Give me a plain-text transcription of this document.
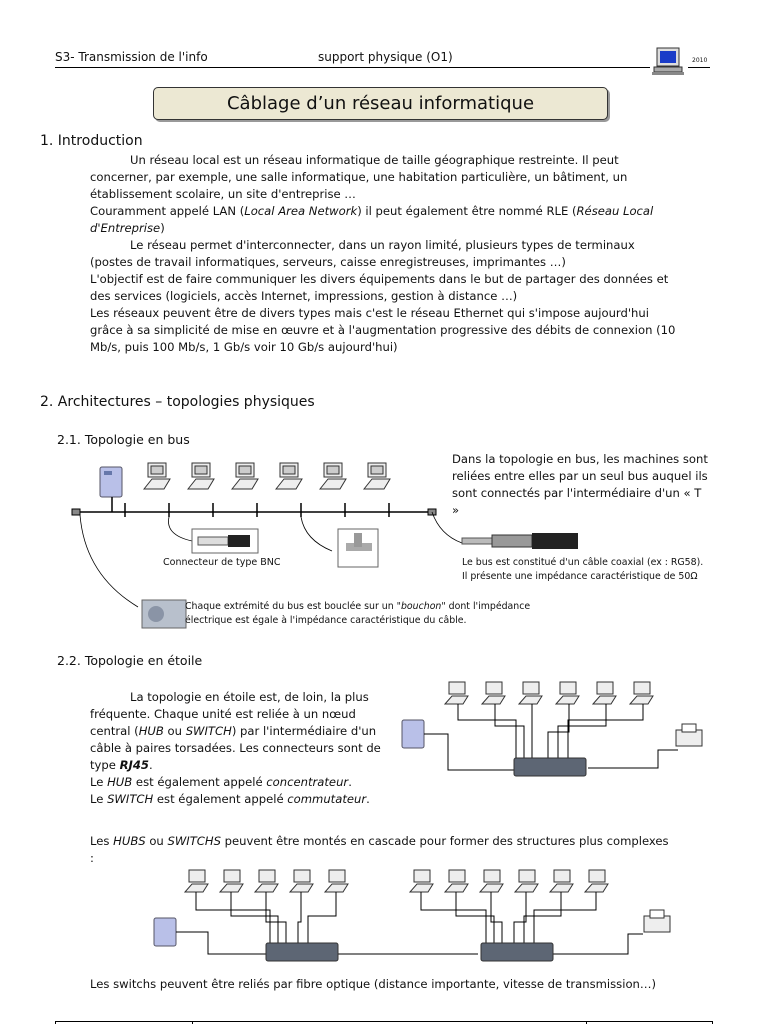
S3- Transmission de l'info	support physique (O1)	2010
Câblage d’un réseau informatique
1. Introduction

Un réseau local est un réseau informatique de taille géographique restreinte. Il peut concerner, par exemple, une salle informatique, une habitation particulière, un bâtiment, un établissement scolaire, un site d'entreprise …

Couramment appelé LAN (Local Area Network) il peut également être nommé RLE (Réseau Local d'Entreprise)

Le réseau permet d'interconnecter, dans un rayon limité, plusieurs types de terminaux (postes de travail informatiques, serveurs, caisse enregistreuses, imprimantes …)

L'objectif est de faire communiquer les divers équipements dans le but de partager des données et des services (logiciels, accès Internet, impressions, gestion à distance …)

Les réseaux peuvent être de divers types mais c'est le réseau Ethernet qui s'impose aujourd'hui grâce à sa simplicité de mise en œuvre et à l'augmentation progressive des débits de connexion (10 Mb/s, puis 100 Mb/s, 1 Gb/s voir 10 Gb/s aujourd'hui)

2. Architectures – topologies physiques
2.1. Topologie en bus
Connecteur de type BNC
Dans la topologie en bus, les machines sont reliées entre elles par un seul bus auquel ils sont connectés par l'intermédiaire d'un « T »
Le bus est constitué d'un câble coaxial (ex : RG58).
Il présente une impédance caractéristique de 50Ω
Chaque extrémité du bus est bouclée sur un "bouchon" dont l'impédance
électrique est égale à l'impédance caractéristique du câble.
2.2. Topologie en étoile

La topologie en étoile est, de loin, la plus fréquente. Chaque unité est reliée à un nœud central (HUB ou SWITCH) par l'intermédiaire d'un câble à paires torsadées. Les connecteurs sont de type RJ45.

Le HUB est également appelé concentrateur.

Le SWITCH est également appelé commutateur.

Les HUBS ou SWITCHS peuvent être montés en cascade pour former des structures plus complexes :
Les switchs peuvent être reliés par fibre optique (distance importante, vitesse de transmission…)
